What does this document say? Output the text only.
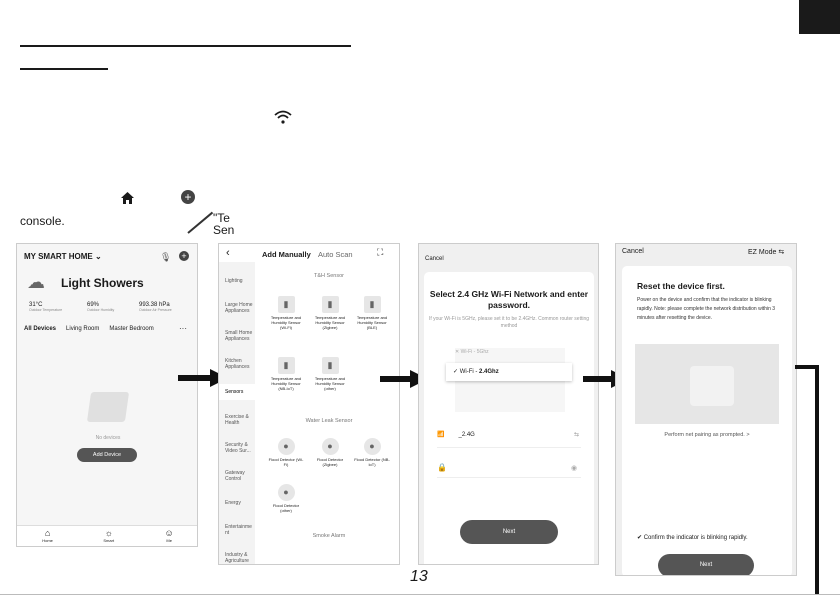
+
console.	"Te
Sen
MY SMART HOME ⌄	🎙 +
☁ Light Showers
31°C
Outdoor Temperature
69%
Outdoor Humidity
993.38 hPa
Outdoor Air Pressure
All Devices Living Room Master Bedroom	···
No devices
Add Device
⌂
Home
☼
Smart
☺
Me
‹	Add Manually Auto Scan	⛶
Lighting
Large Home Appliances
Small Home Appliances
Kitchen Appliances
Sensors
Exercise & Health
Security & Video Sur...
Gateway Control
Energy
Entertainme nt
Industry & Agriculture
T&H Sensor
▮
Temperature and Humidity Sensor (Wi-Fi)
▮
Temperature and Humidity Sensor (Zigbee)
▮
Temperature and Humidity Sensor (BLE)
▮
Temperature and Humidity Sensor (NB-IoT)
▮
Temperature and Humidity Sensor (other)
Water Leak Sensor
●
Flood Detector (Wi-Fi)
●
Flood Detector (Zigbee)
●
Flood Detector (NB-IoT)
●
Flood Detector (other)
Smoke Alarm
Cancel
Select 2.4 GHz Wi-Fi Network and enter password.
If your Wi-Fi is 5GHz, please set it to be 2.4GHz. Common router setting method
✕ Wi-Fi - 5Ghz
✓ Wi-Fi - 2.4Ghz
📶 _2.4G	⇆
🔒	◉
Next
Cancel	EZ Mode ⇆
Reset the device first.
Power on the device and confirm that the indicator is blinking rapidly. Note: please complete the network distribution within 3 minutes after resetting the device.
Perform net pairing as prompted. >
✔ Confirm the indicator is blinking rapidly.
Next
13
